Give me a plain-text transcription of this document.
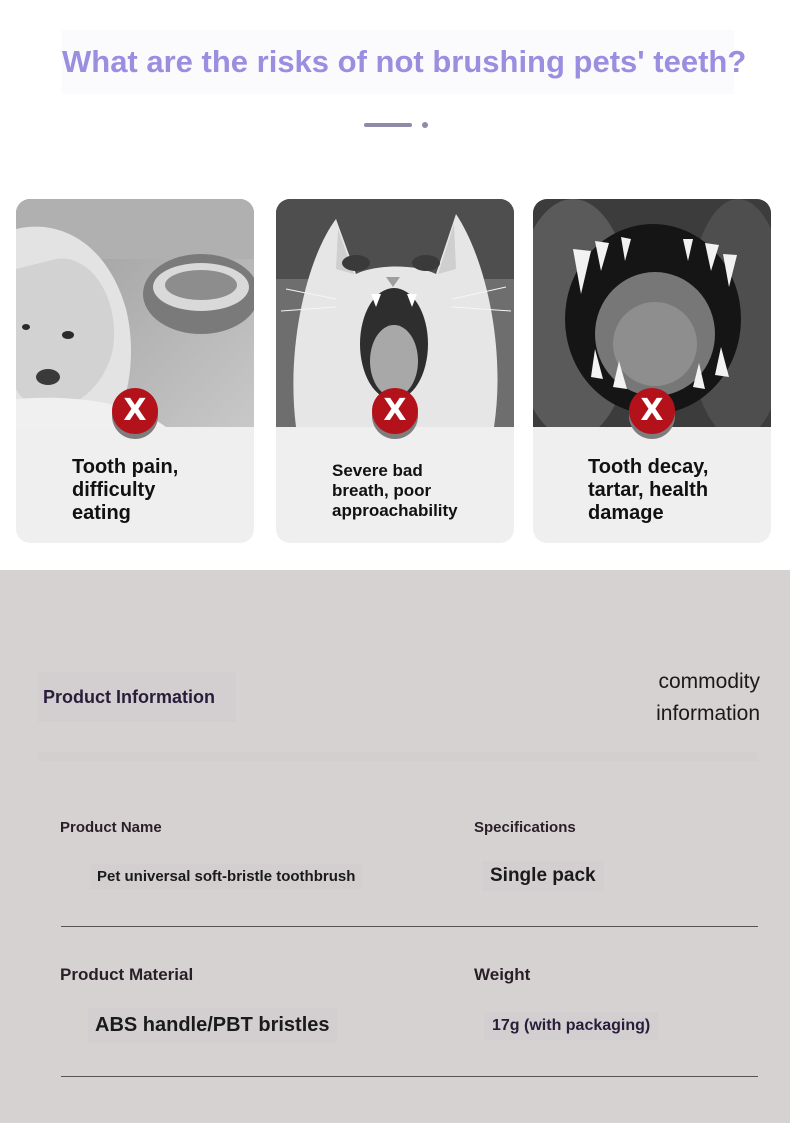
What are the risks of not brushing pets' teeth?
X
Tooth pain,
difficulty
eating
X
Severe bad
breath, poor
approachability
X
Tooth decay,
tartar, health
damage
Product Information
commodity
information
Product Name
Pet universal soft-bristle toothbrush
Specifications
Single pack
Product Material
ABS handle/PBT bristles
Weight
17g (with packaging)
